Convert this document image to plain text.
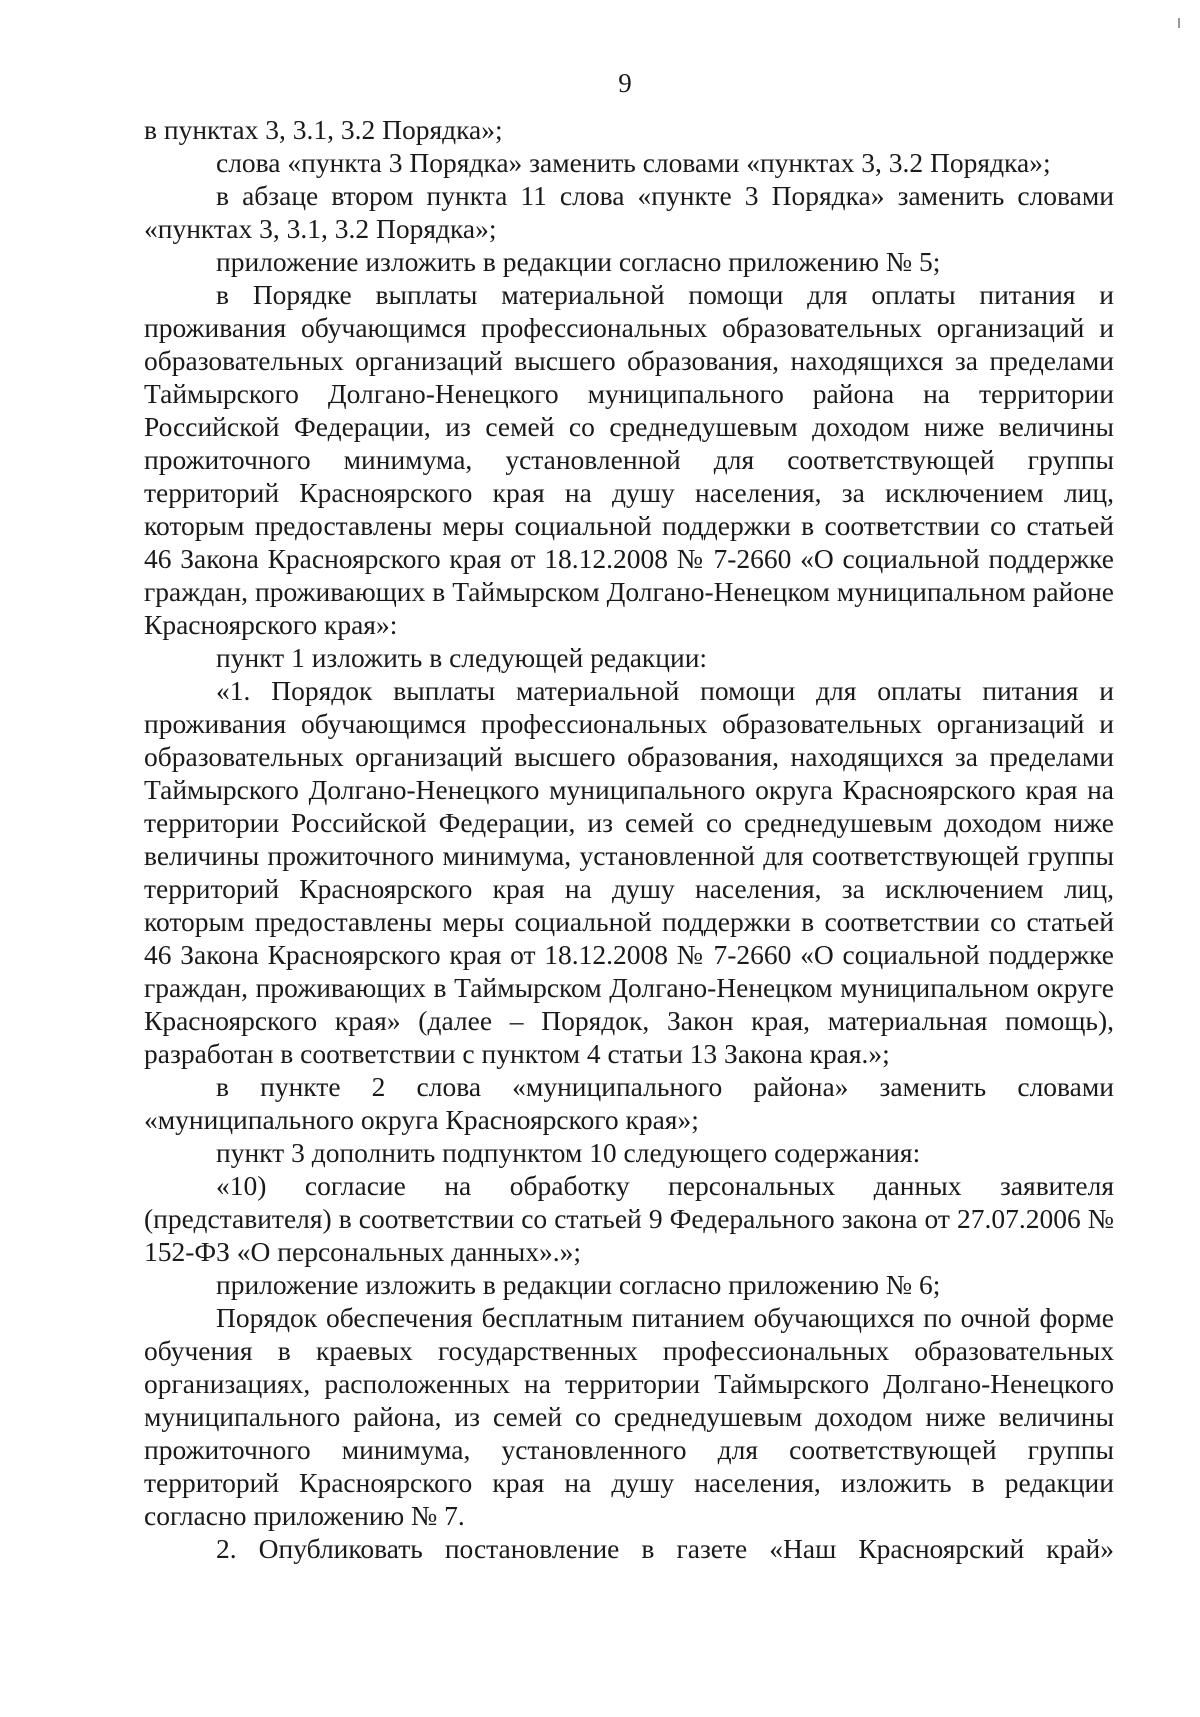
9

в пунктах 3, 3.1, 3.2 Порядка»;

слова «пункта 3 Порядка» заменить словами «пунктах 3, 3.2 Порядка»;

в абзаце втором пункта 11 слова «пункте 3 Порядка» заменить словами «пунктах 3, 3.1, 3.2 Порядка»;

приложение изложить в редакции согласно приложению № 5;

в Порядке выплаты материальной помощи для оплаты питания и проживания обучающимся профессиональных образовательных организаций и образовательных организаций высшего образования, находящихся за пределами Таймырского Долгано-Ненецкого муниципального района на территории Российской Федерации, из семей со среднедушевым доходом ниже величины прожиточного минимума, установленной для соответствующей группы территорий Красноярского края на душу населения, за исключением лиц, которым предоставлены меры социальной поддержки в соответствии со статьей 46 Закона Красноярского края от 18.12.2008 № 7-2660 «О социальной поддержке граждан, проживающих в Таймырском Долгано-Ненецком муниципальном районе Красноярского края»:

пункт 1 изложить в следующей редакции:

«1. Порядок выплаты материальной помощи для оплаты питания и проживания обучающимся профессиональных образовательных организаций и образовательных организаций высшего образования, находящихся за пределами Таймырского Долгано-Ненецкого муниципального округа Красноярского края на территории Российской Федерации, из семей со среднедушевым доходом ниже величины прожиточного минимума, установленной для соответствующей группы территорий Красноярского края на душу населения, за исключением лиц, которым предоставлены меры социальной поддержки в соответствии со статьей 46 Закона Красноярского края от 18.12.2008 № 7-2660 «О социальной поддержке граждан, проживающих в Таймырском Долгано-Ненецком муниципальном округе Красноярского края» (далее – Порядок, Закон края, материальная помощь), разработан в соответствии с пунктом 4 статьи 13 Закона края.»;

в пункте 2 слова «муниципального района» заменить словами «муниципального округа Красноярского края»;

пункт 3 дополнить подпунктом 10 следующего содержания:

«10) согласие на обработку персональных данных заявителя (представителя) в соответствии со статьей 9 Федерального закона от 27.07.2006 № 152-ФЗ «О персональных данных».»;

приложение изложить в редакции согласно приложению № 6;

Порядок обеспечения бесплатным питанием обучающихся по очной форме обучения в краевых государственных профессиональных образовательных организациях, расположенных на территории Таймырского Долгано-Ненецкого муниципального района, из семей со среднедушевым доходом ниже величины прожиточного минимума, установленного для соответствующей группы территорий Красноярского края на душу населения, изложить в редакции согласно приложению № 7.

2. Опубликовать постановление в газете «Наш Красноярский край»
